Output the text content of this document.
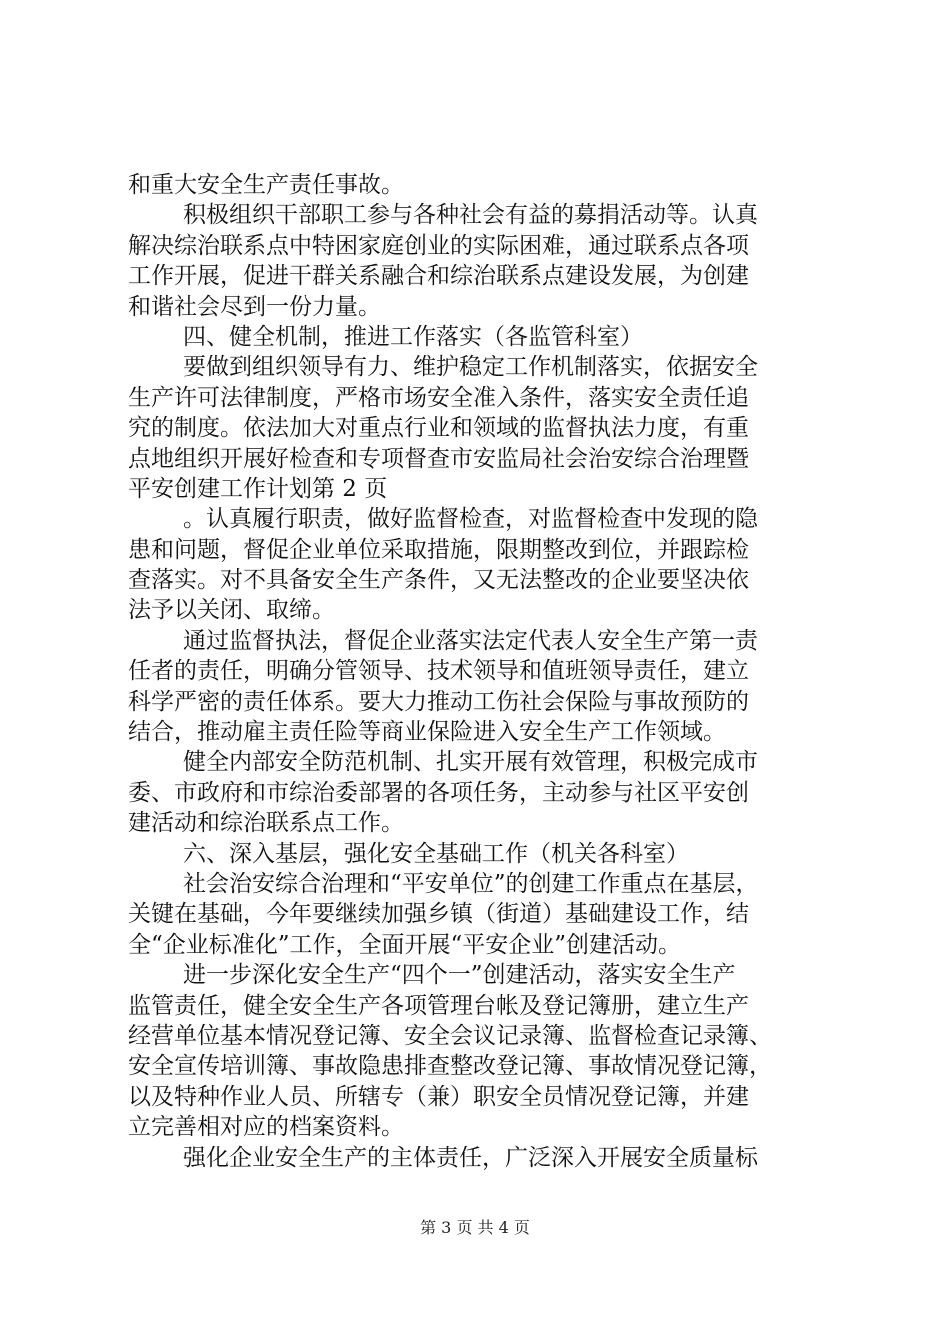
和重大安全生产责任事故。
积极组织干部职工参与各种社会有益的募捐活动等。认真
解决综治联系点中特困家庭创业的实际困难，通过联系点各项
工作开展，促进干群关系融合和综治联系点建设发展，为创建
和谐社会尽到一份力量。
四、健全机制，推进工作落实（各监管科室）
要做到组织领导有力、维护稳定工作机制落实，依据安全
生产许可法律制度，严格市场安全准入条件，落实安全责任追
究的制度。依法加大对重点行业和领域的监督执法力度，有重
点地组织开展好检查和专项督查市安监局社会治安综合治理暨
平安创建工作计划第 2 页
。认真履行职责，做好监督检查，对监督检查中发现的隐
患和问题，督促企业单位采取措施，限期整改到位，并跟踪检
查落实。对不具备安全生产条件，又无法整改的企业要坚决依
法予以关闭、取缔。
通过监督执法，督促企业落实法定代表人安全生产第一责
任者的责任，明确分管领导、技术领导和值班领导责任，建立
科学严密的责任体系。要大力推动工伤社会保险与事故预防的
结合，推动雇主责任险等商业保险进入安全生产工作领域。
健全内部安全防范机制、扎实开展有效管理，积极完成市
委、市政府和市综治委部署的各项任务，主动参与社区平安创
建活动和综治联系点工作。
六、深入基层，强化安全基础工作（机关各科室）
社会治安综合治理和“平安单位”的创建工作重点在基层，
关键在基础，今年要继续加强乡镇（街道）基础建设工作，结
全“企业标准化”工作，全面开展“平安企业”创建活动。
进一步深化安全生产“四个一”创建活动，落实安全生产
监管责任，健全安全生产各项管理台帐及登记簿册，建立生产
经营单位基本情况登记簿、安全会议记录簿、监督检查记录簿、
安全宣传培训簿、事故隐患排查整改登记簿、事故情况登记簿，
以及特种作业人员、所辖专（兼）职安全员情况登记簿，并建
立完善相对应的档案资料。
强化企业安全生产的主体责任，广泛深入开展安全质量标
第 3 页 共 4 页
